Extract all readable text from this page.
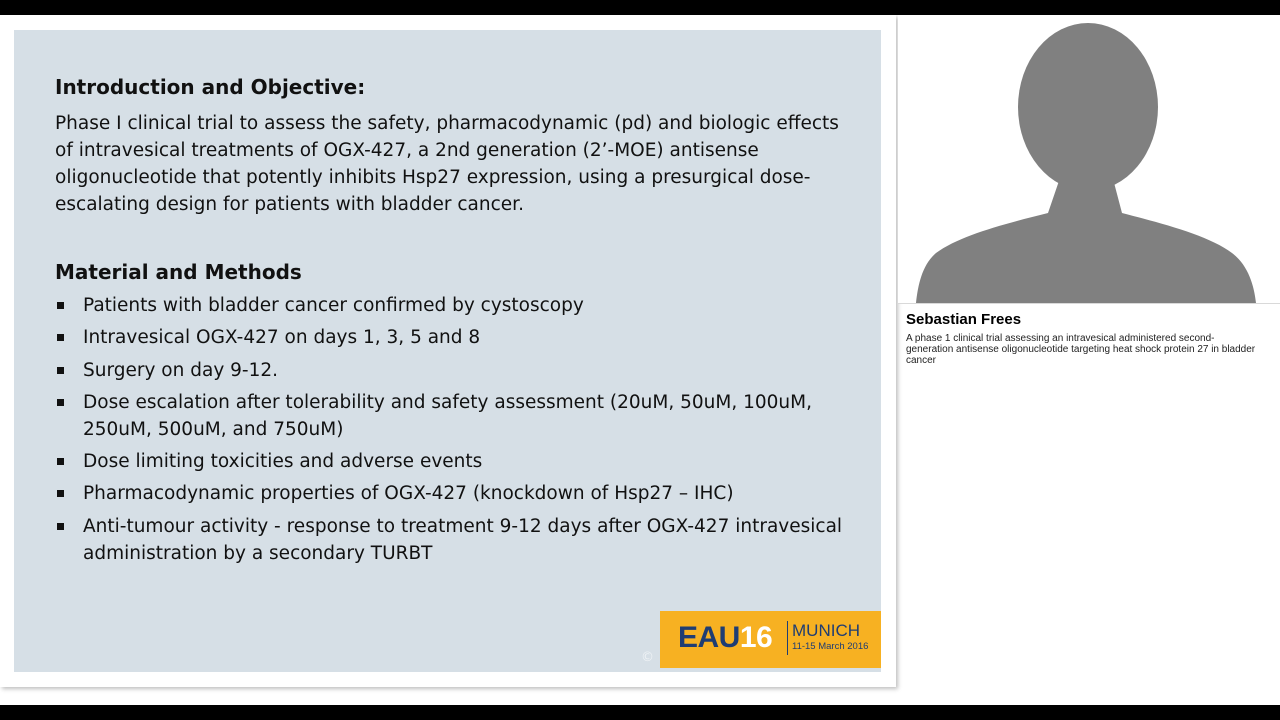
Introduction and Objective:
Phase I clinical trial to assess the safety, pharmacodynamic (pd) and biologic effects of intravesical treatments of OGX-427, a 2nd generation (2’-MOE) antisense oligonucleotide that potently inhibits Hsp27 expression, using a presurgical dose-escalating design for patients with bladder cancer.
Material and Methods
Patients with bladder cancer confirmed by cystoscopy
Intravesical OGX-427 on days 1, 3, 5 and 8
Surgery on day 9-12.
Dose escalation after tolerability and safety assessment (20uM, 50uM, 100uM, 250uM, 500uM, and 750uM)
Dose limiting toxicities and adverse events
Pharmacodynamic properties of OGX-427 (knockdown of Hsp27 – IHC)
Anti-tumour activity - response to treatment 9-12 days after OGX-427 intravesical administration by a secondary TURBT
©
EAU16 MUNICH
11-15 March 2016
Sebastian Frees
A phase 1 clinical trial assessing an intravesical administered second-generation antisense oligonucleotide targeting heat shock protein 27 in bladder cancer
